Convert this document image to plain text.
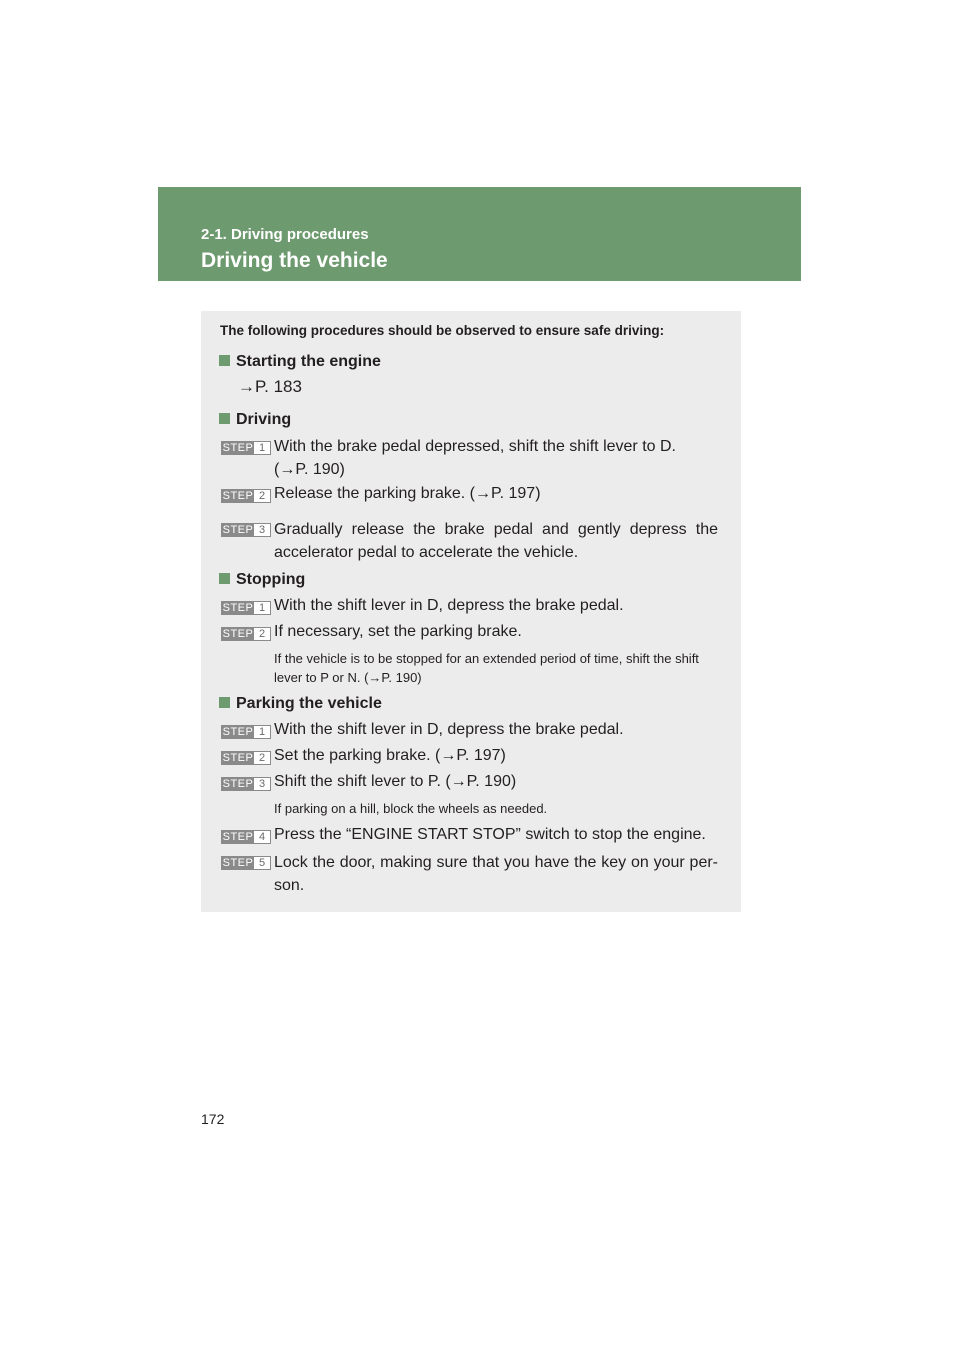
2-1. Driving procedures
Driving the vehicle
The following procedures should be observed to ensure safe driving:
Starting the engine
→P. 183
Driving
STEP 1 With the brake pedal depressed, shift the shift lever to D. (→P. 190)
STEP 2 Release the parking brake. (→P. 197)
STEP 3 Gradually release the brake pedal and gently depress the accelerator pedal to accelerate the vehicle.
Stopping
STEP 1 With the shift lever in D, depress the brake pedal.
STEP 2 If necessary, set the parking brake.
If the vehicle is to be stopped for an extended period of time, shift the shift lever to P or N. (→P. 190)
Parking the vehicle
STEP 1 With the shift lever in D, depress the brake pedal.
STEP 2 Set the parking brake. (→P. 197)
STEP 3 Shift the shift lever to P. (→P. 190)
If parking on a hill, block the wheels as needed.
STEP 4 Press the “ENGINE START STOP” switch to stop the engine.
STEP 5 Lock the door, making sure that you have the key on your per-son.
172
